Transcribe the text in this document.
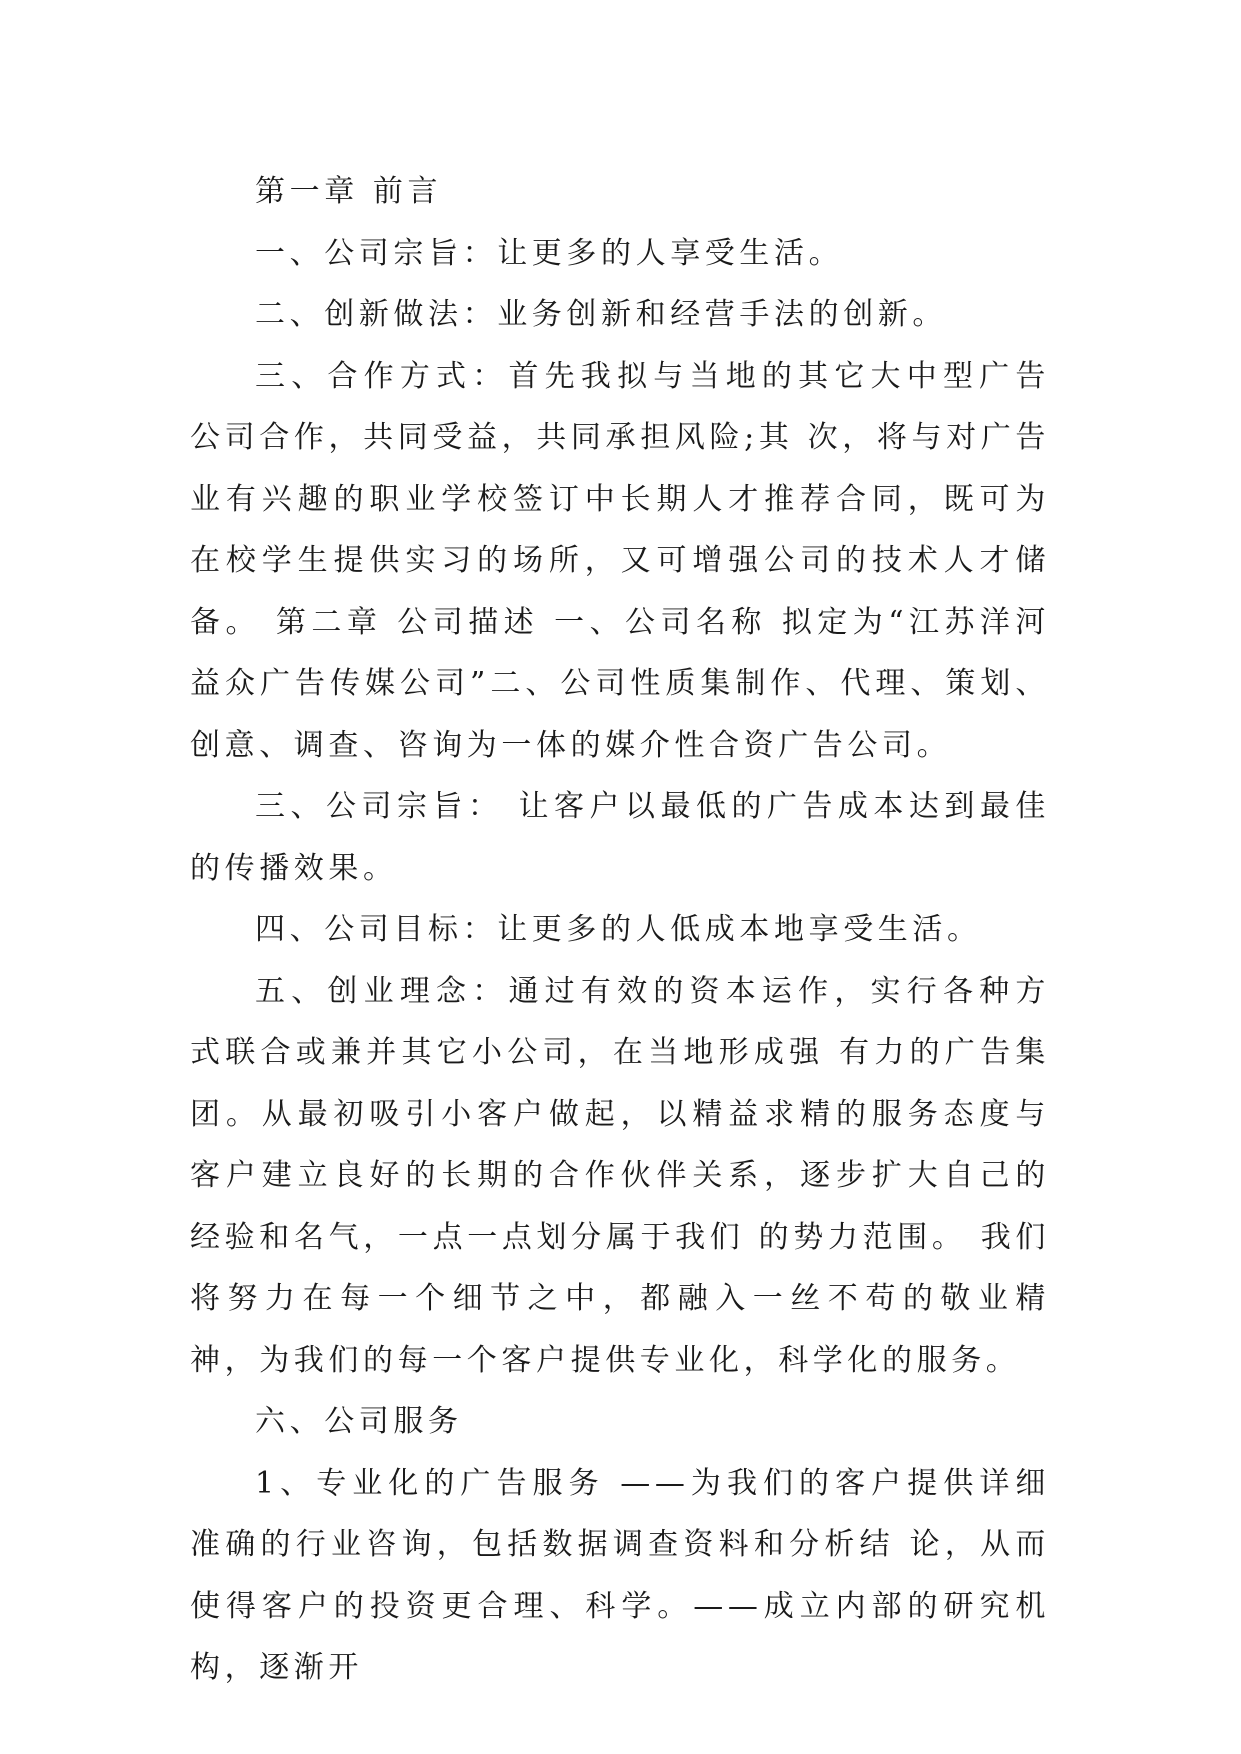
第一章 前言

一、公司宗旨：让更多的人享受生活。

二、创新做法：业务创新和经营手法的创新。

三、合作方式：首先我拟与当地的其它大中型广告公司合作，共同受益，共同承担风险;其 次，将与对广告业有兴趣的职业学校签订中长期人才推荐合同，既可为在校学生提供实习的场所，又可增强公司的技术人才储备。 第二章 公司描述 一、公司名称 拟定为“江苏洋河益众广告传媒公司”二、公司性质集制作、代理、策划、创意、调查、咨询为一体的媒介性合资广告公司。

三、公司宗旨： 让客户以最低的广告成本达到最佳的传播效果。

四、公司目标：让更多的人低成本地享受生活。

五、创业理念：通过有效的资本运作，实行各种方式联合或兼并其它小公司，在当地形成强 有力的广告集团。从最初吸引小客户做起，以精益求精的服务态度与客户建立良好的长期的合作伙伴关系，逐步扩大自己的经验和名气，一点一点划分属于我们 的势力范围。 我们将努力在每一个细节之中，都融入一丝不苟的敬业精神，为我们的每一个客户提供专业化，科学化的服务。

六、公司服务

1、专业化的广告服务 ——为我们的客户提供详细准确的行业咨询，包括数据调查资料和分析结 论，从而使得客户的投资更合理、科学。——成立内部的研究机构，逐渐开
